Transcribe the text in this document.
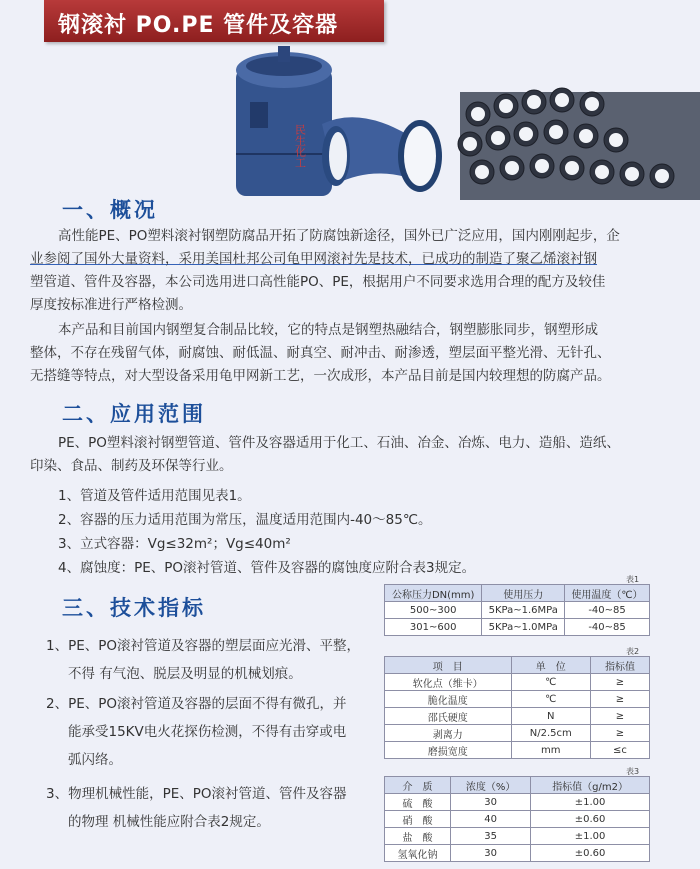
钢滚衬 PO.PE 管件及容器
民生化工
一、概况
高性能PE、PO塑料滚衬钢塑防腐品开拓了防腐蚀新途径，国外已广泛应用，国内刚刚起步，企
业参阅了国外大量资料，采用美国杜邦公司龟甲网滚衬先是技术，已成功的制造了聚乙烯滚衬钢
塑管道、管件及容器，本公司选用进口高性能PO、PE，根据用户不同要求选用合理的配方及较佳
厚度按标准进行严格检测。
本产品和目前国内钢塑复合制品比较，它的特点是钢塑热融结合，钢塑膨胀同步，钢塑形成
整体，不存在残留气体，耐腐蚀、耐低温、耐真空、耐冲击、耐渗透，塑层面平整光滑、无针孔、
无搭缝等特点，对大型设备采用龟甲网新工艺，一次成形，本产品目前是国内较理想的防腐产品。
二、应用范围
PE、PO塑料滚衬钢塑管道、管件及容器适用于化工、石油、冶金、冶炼、电力、造船、造纸、
印染、食品、制药及环保等行业。
1、管道及管件适用范围见表1。
2、容器的压力适用范围为常压，温度适用范围内-40～85℃。
3、立式容器：Vg≤32m²；Vg≤40m²
4、腐蚀度：PE、PO滚衬管道、管件及容器的腐蚀度应附合表3规定。
三、技术指标
1、PE、PO滚衬管道及容器的塑层面应光滑、平整，
不得 有气泡、脱层及明显的机械划痕。
2、PE、PO滚衬管道及容器的层面不得有微孔，并
能承受15KV电火花探伤检测，不得有击穿或电
弧闪络。
3、物理机械性能，PE、PO滚衬管道、管件及容器
的物理 机械性能应附合表2规定。
表1
公称压力DN(mm)	使用压力	使用温度（℃）
500~300	5KPa~1.6MPa	-40~85
301~600	5KPa~1.0MPa	-40~85
表2
项　目	单　位	指标值
软化点（维卡）	℃	≥
脆化温度	℃	≥
邵氏硬度	N	≥
剥离力	N/2.5cm	≥
磨损宽度	mm	≤c
表3
介　质	浓度（%）	指标值（g/m2）
硫　酸	30	±1.00
硝　酸	40	±0.60
盐　酸	35	±1.00
氢氧化钠	30	±0.60
